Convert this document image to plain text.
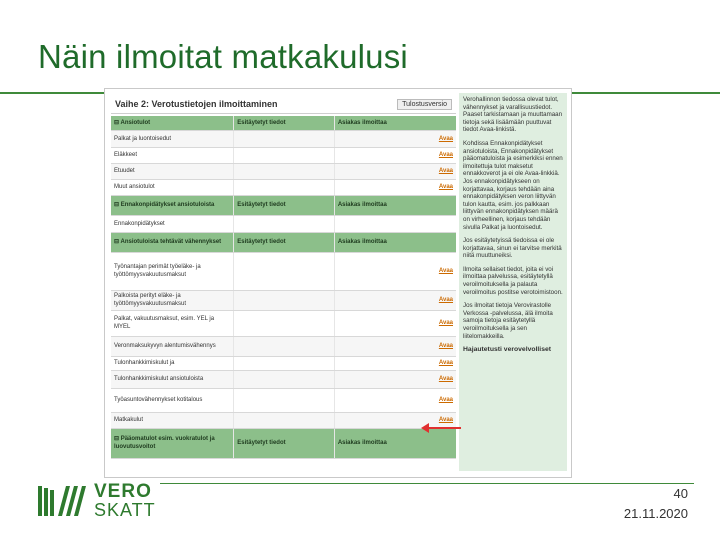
Näin ilmoitat matkakulusi
Vaihe 2: Verotustietojen ilmoittaminen	Tulostusversio
⊟ Ansiotulot	Esitäytetyt tiedot	Asiakas ilmoittaa	
Palkat ja luontoisedut			Avaa
Eläkkeet			Avaa
Etuudet			Avaa
Muut ansiotulot			Avaa
⊟ Ennakonpidätykset ansiotuloista	Esitäytetyt tiedot	Asiakas ilmoittaa	
Ennakonpidätykset			
⊟ Ansiotuloista tehtävät vähennykset	Esitäytetyt tiedot	Asiakas ilmoittaa	
Työnantajan perimät työeläke- ja työttömyysvakuutusmaksut			Avaa
Palkoista perityt eläke- ja työttömyysvakuutusmaksut			Avaa
Palkat, vakuutusmaksut, esim. YEL ja MYEL			Avaa
Veronmaksukyvyn alentumisvähennys			Avaa
Tulonhankkimiskulut ja			Avaa
Tulonhankkimiskulut ansiotuloista			Avaa
Työasuntovähennykset kotitalous			Avaa
Matkakulut			Avaa
⊟ Pääomatulot esim. vuokratulot ja luovutusvoitot	Esitäytetyt tiedot	Asiakas ilmoittaa	
Verohallinnon tiedossa olevat tulot, vähennykset ja varallisuustiedot. Paaset tarkistamaan ja muuttamaan tietoja sekä lisäämään puuttuvat tiedot Avaa-linkistä.
Kohdissa Ennakonpidätykset ansiotuloista, Ennakonpidätykset pääomatuloista ja esimerkiksi ennen ilmoitettuja tulot maksetut ennakkoverot ja ei ole Avaa-linkkiä. Jos ennakonpidätykseen on korjattavaa, korjaus tehdään aina ennakonpidätyksen veron liittyvän tulon kautta, esim. jos palkkaan liittyvän ennakonpidätyksen määrä on virheellinen, korjaus tehdään sivulla Palkat ja luontoisedut.
Jos esitäytetyissä tiedoissa ei ole korjattavaa, sinun ei tarvitse merkitä niitä muuttuneiksi.
Ilmoita sellaiset tiedot, joita ei voi ilmoittaa palvelussa, esitäytetyllä veroilmoituksella ja palauta veroilmoitus postitse verotoimistoon.
Jos ilmoitat tietoja Verovirastolle Verkossa -palvelussa, älä ilmoita samoja tietoja esitäytetyllä veroilmoituksella ja sen liitelomakkeilla.
Hajautetusti verovelvolliset
VERO
SKATT
40
21.11.2020
